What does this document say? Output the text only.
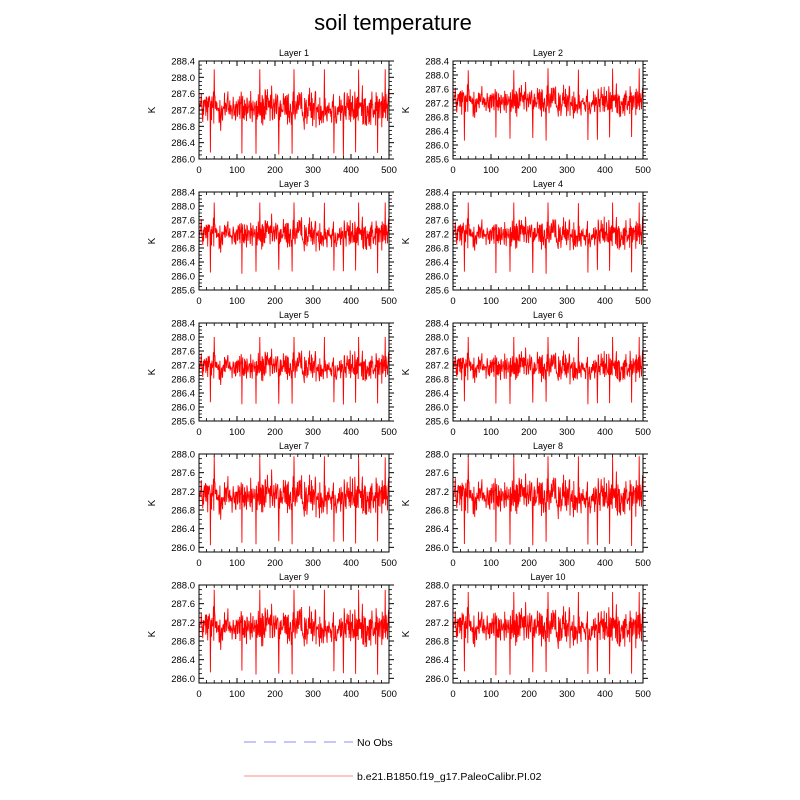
soil temperature
Layer 1
286.0
286.4
286.8
287.2
287.6
288.0
288.4
0	100 200 300 400 500
K
Layer 2
285.6
286.0
286.4
286.8
287.2
287.6
288.0
288.4
0	100 200 300 400 500
K
Layer 3
285.6
286.0
286.4
286.8
287.2
287.6
288.0
288.4
0	100 200 300 400 500
K
Layer 4
285.6
286.0
286.4
286.8
287.2
287.6
288.0
288.4
0	100 200 300 400 500
K
Layer 5
285.6
286.0
286.4
286.8
287.2
287.6
288.0
288.4
0	100 200 300 400 500
K
Layer 6
285.6
286.0
286.4
286.8
287.2
287.6
288.0
288.4
0	100 200 300 400 500
K
Layer 7
286.0
286.4
286.8
287.2
287.6
288.0
0	100 200 300 400 500
K
Layer 8
286.0
286.4
286.8
287.2
287.6
288.0
0	100 200 300 400 500
K
Layer 9
286.0
286.4
286.8
287.2
287.6
288.0
0	100 200 300 400 500
K
Layer 10
286.0
286.4
286.8
287.2
287.6
288.0
0	100 200 300 400 500
K
No Obs
b.e21.B1850.f19_g17.PaleoCalibr.PI.02
